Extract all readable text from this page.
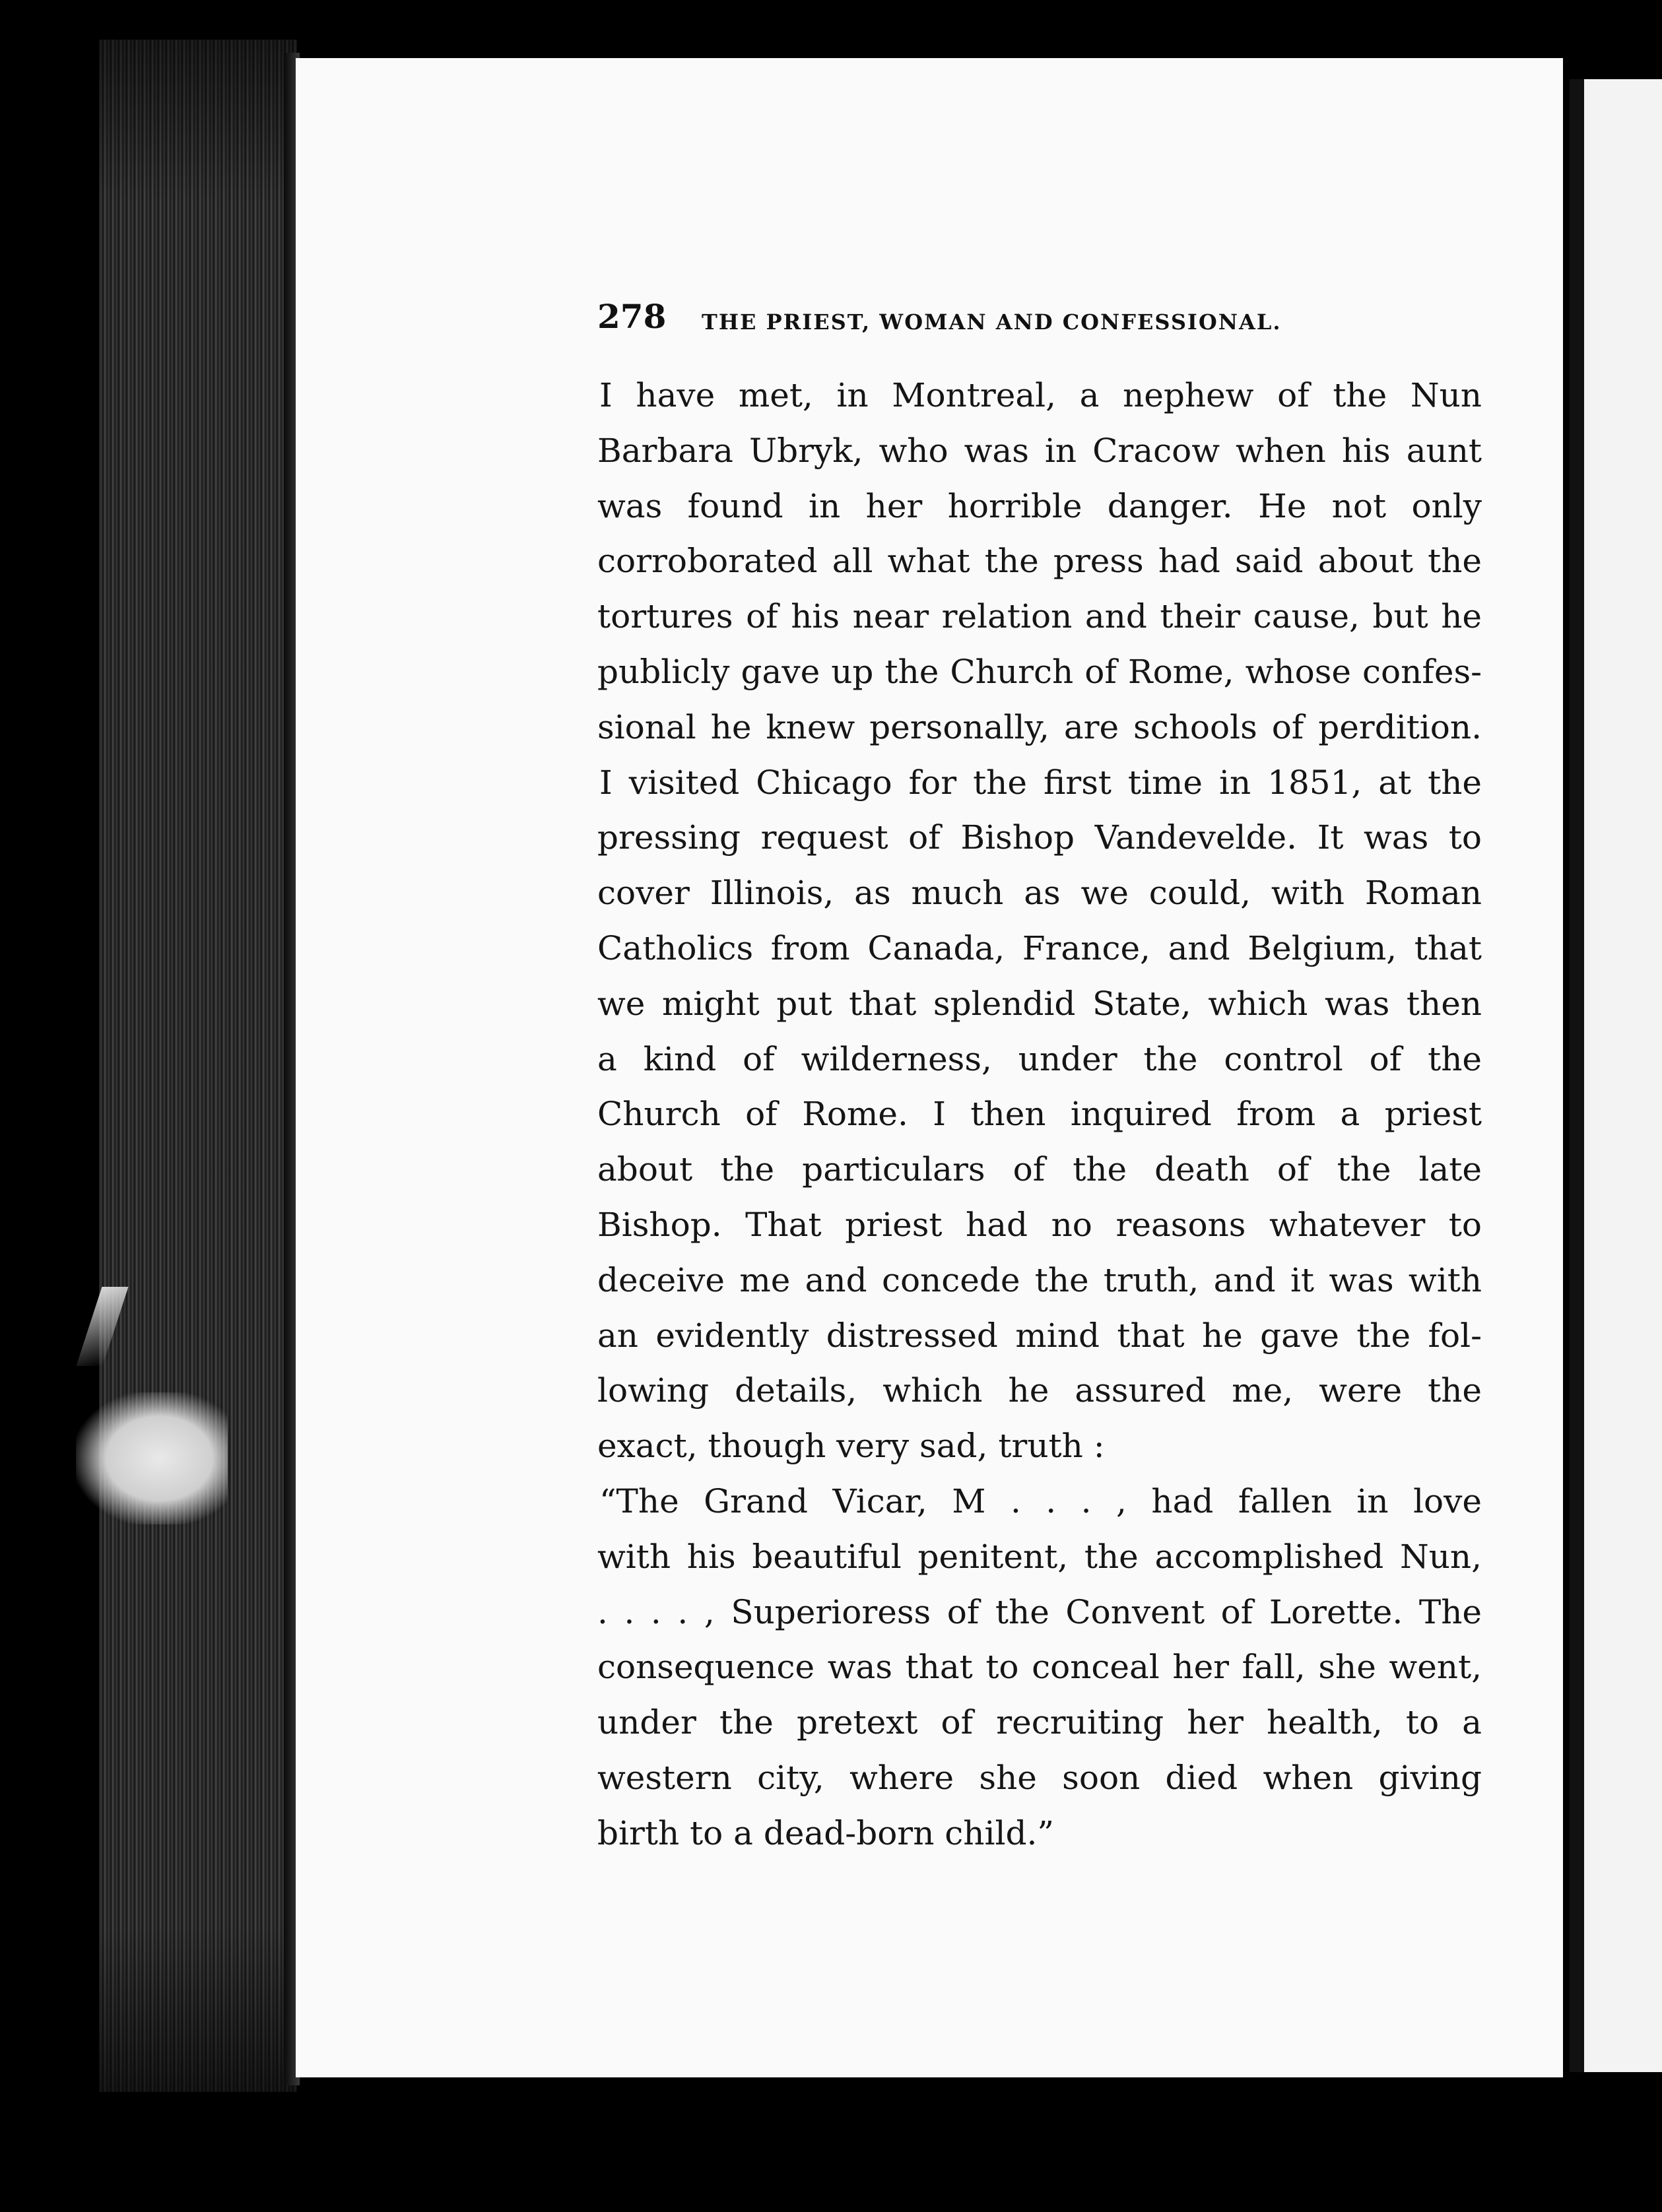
278 THE PRIEST, WOMAN AND CONFESSIONAL.
I have met, in Montreal, a nephew of the Nun
Barbara Ubryk, who was in Cracow when his aunt
was found in her horrible danger. He not only
corroborated all what the press had said about the
tortures of his near relation and their cause, but he
publicly gave up the Church of Rome, whose confes-
sional he knew personally, are schools of perdition.
I visited Chicago for the first time in 1851, at the
pressing request of Bishop Vandevelde. It was to
cover Illinois, as much as we could, with Roman
Catholics from Canada, France, and Belgium, that
we might put that splendid State, which was then
a kind of wilderness, under the control of the
Church of Rome. I then inquired from a priest
about the particulars of the death of the late
Bishop. That priest had no reasons whatever to
deceive me and concede the truth, and it was with
an evidently distressed mind that he gave the fol-
lowing details, which he assured me, were the
exact, though very sad, truth :
“The Grand Vicar, M . . . , had fallen in love
with his beautiful penitent, the accomplished Nun,
. . . . , Superioress of the Convent of Lorette. The
consequence was that to conceal her fall, she went,
under the pretext of recruiting her health, to a
western city, where she soon died when giving
birth to a dead-born child.”
